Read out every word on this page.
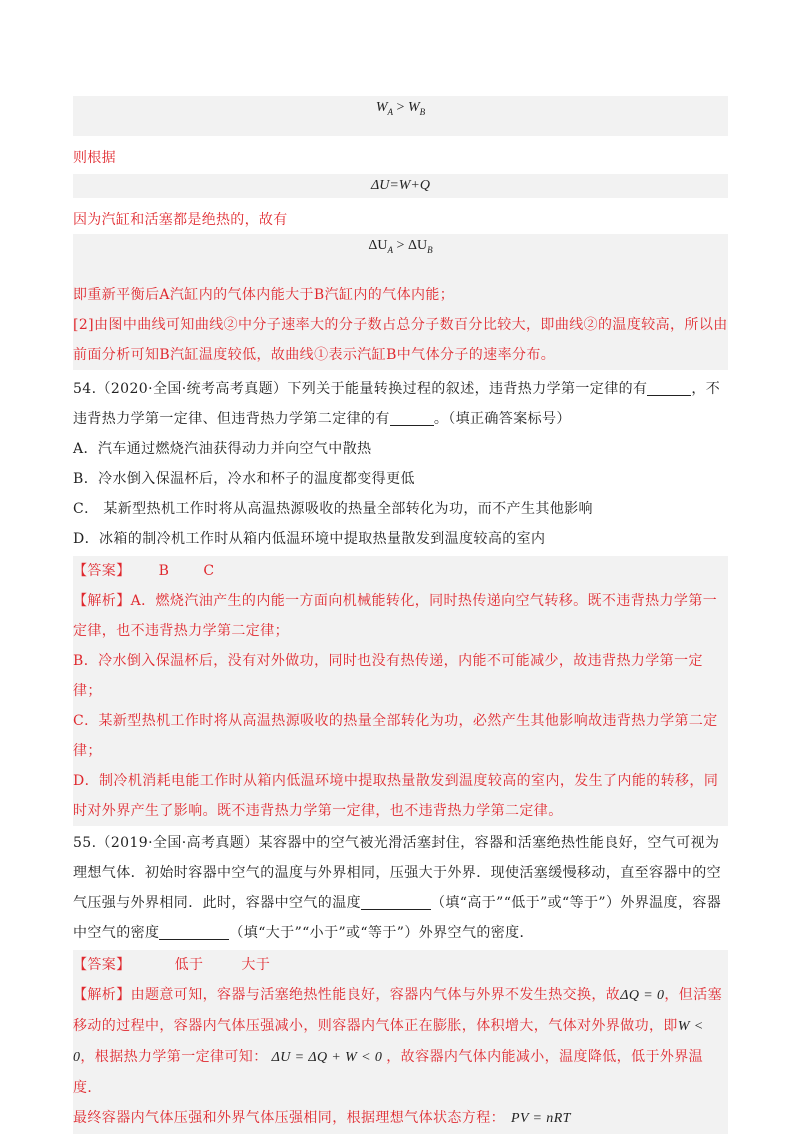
$W_A > W_B$
则根据
ΔU=W+Q
因为汽缸和活塞都是绝热的，故有
$\Delta U_A > \Delta U_B$
即重新平衡后A汽缸内的气体内能大于B汽缸内的气体内能；
[2]由图中曲线可知曲线②中分子速率大的分子数占总分子数百分比较大，即曲线②的温度较高，所以由前面分析可知B汽缸温度较低，故曲线①表示汽缸B中气体分子的速率分布。
54.（2020·全国·统考高考真题）下列关于能量转换过程的叙述，违背热力学第一定律的有	，不违背热力学第一定律、但违背热力学第二定律的有	。（填正确答案标号）
A．汽车通过燃烧汽油获得动力并向空气中散热
B．冷水倒入保温杯后，冷水和杯子的温度都变得更低
C． 某新型热机工作时将从高温热源吸收的热量全部转化为功，而不产生其他影响
D．冰箱的制冷机工作时从箱内低温环境中提取热量散发到温度较高的室内
【答案】 B C
【解析】A．燃烧汽油产生的内能一方面向机械能转化，同时热传递向空气转移。既不违背热力学第一定律，也不违背热力学第二定律；
B．冷水倒入保温杯后，没有对外做功，同时也没有热传递，内能不可能减少，故违背热力学第一定律；
C．某新型热机工作时将从高温热源吸收的热量全部转化为功，必然产生其他影响故违背热力学第二定律；
D．制冷机消耗电能工作时从箱内低温环境中提取热量散发到温度较高的室内，发生了内能的转移，同时对外界产生了影响。既不违背热力学第一定律，也不违背热力学第二定律。
55.（2019·全国·高考真题）某容器中的空气被光滑活塞封住，容器和活塞绝热性能良好，空气可视为理想气体．初始时容器中空气的温度与外界相同，压强大于外界．现使活塞缓慢移动，直至容器中的空气压强与外界相同．此时，容器中空气的温度	（填“高于”“低于”或“等于”）外界温度，容器中空气的密度	（填“大于”“小于”或“等于”）外界空气的密度．
【答案】	低于	大于
【解析】由题意可知，容器与活塞绝热性能良好，容器内气体与外界不发生热交换，故ΔQ = 0，但活塞移动的过程中，容器内气体压强减小，则容器内气体正在膨胀，体积增大，气体对外界做功，即W < 0，根据热力学第一定律可知： ΔU = ΔQ + W < 0 ，故容器内气体内能减小，温度降低，低于外界温度．
最终容器内气体压强和外界气体压强相同，根据理想气体状态方程： PV = nRT
